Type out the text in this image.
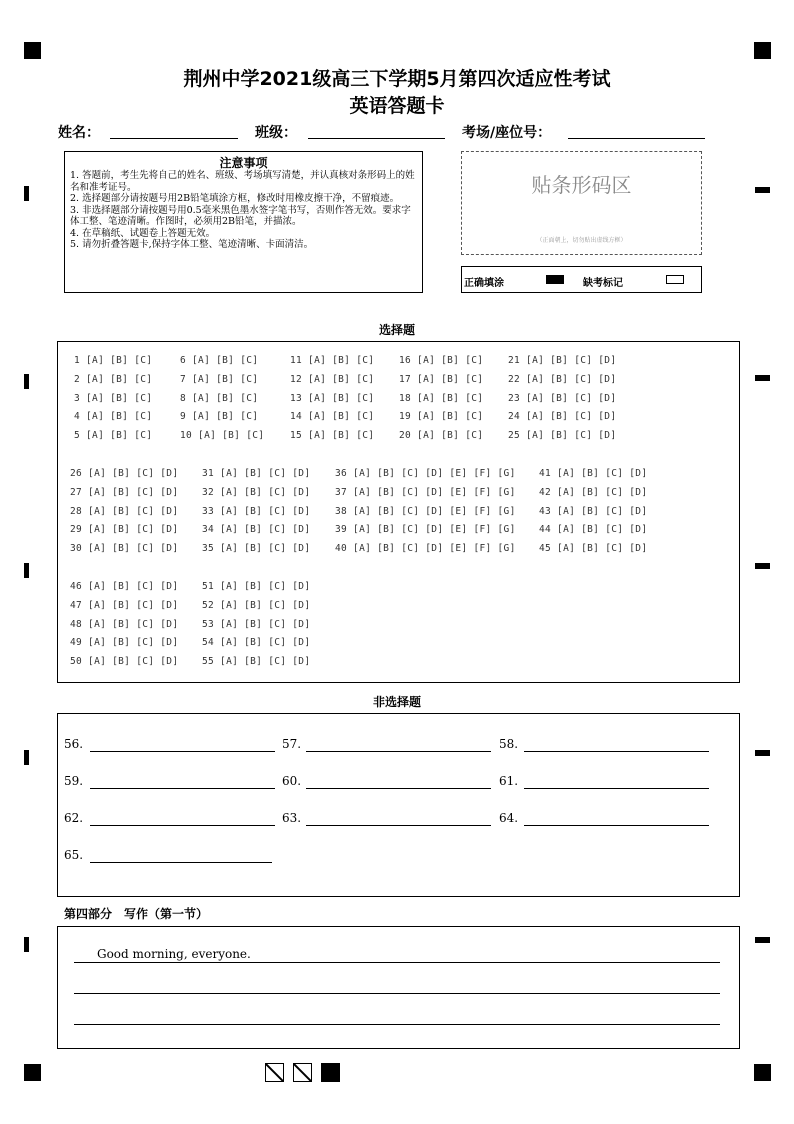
荆州中学2021级高三下学期5月第四次适应性考试
英语答题卡
姓名：	班级：	考场/座位号：
注意事项
1. 答题前，考生先将自己的姓名、班级、考场填写清楚，并认真核对条形码上的姓名和准考证号。
2. 选择题部分请按题号用2B铅笔填涂方框，修改时用橡皮擦干净，不留痕迹。
3. 非选择题部分请按题号用0.5毫米黑色墨水签字笔书写，否则作答无效。要求字体工整、笔迹清晰。作图时，必须用2B铅笔，并描浓。
4. 在草稿纸、试题卷上答题无效。
5. 请勿折叠答题卡,保持字体工整、笔迹清晰、卡面清洁。
贴条形码区
（正面朝上，切勿贴出虚线方框）
正确填涂	缺考标记
选择题
1 [A] [B] [C]
2 [A] [B] [C]
3 [A] [B] [C]
4 [A] [B] [C]
5 [A] [B] [C]
6 [A] [B] [C]
7 [A] [B] [C]
8 [A] [B] [C]
9 [A] [B] [C]
10 [A] [B] [C]
11 [A] [B] [C]
12 [A] [B] [C]
13 [A] [B] [C]
14 [A] [B] [C]
15 [A] [B] [C]
16 [A] [B] [C]
17 [A] [B] [C]
18 [A] [B] [C]
19 [A] [B] [C]
20 [A] [B] [C]
21 [A] [B] [C] [D]
22 [A] [B] [C] [D]
23 [A] [B] [C] [D]
24 [A] [B] [C] [D]
25 [A] [B] [C] [D]
26 [A] [B] [C] [D]
27 [A] [B] [C] [D]
28 [A] [B] [C] [D]
29 [A] [B] [C] [D]
30 [A] [B] [C] [D]
31 [A] [B] [C] [D]
32 [A] [B] [C] [D]
33 [A] [B] [C] [D]
34 [A] [B] [C] [D]
35 [A] [B] [C] [D]
36 [A] [B] [C] [D] [E] [F] [G]
37 [A] [B] [C] [D] [E] [F] [G]
38 [A] [B] [C] [D] [E] [F] [G]
39 [A] [B] [C] [D] [E] [F] [G]
40 [A] [B] [C] [D] [E] [F] [G]
41 [A] [B] [C] [D]
42 [A] [B] [C] [D]
43 [A] [B] [C] [D]
44 [A] [B] [C] [D]
45 [A] [B] [C] [D]
46 [A] [B] [C] [D]
47 [A] [B] [C] [D]
48 [A] [B] [C] [D]
49 [A] [B] [C] [D]
50 [A] [B] [C] [D]
51 [A] [B] [C] [D]
52 [A] [B] [C] [D]
53 [A] [B] [C] [D]
54 [A] [B] [C] [D]
55 [A] [B] [C] [D]
非选择题
56.	57.	58.
59.	60.	61.
62.	63.	64.
65.
第四部分　写作（第一节）
Good morning, everyone.
